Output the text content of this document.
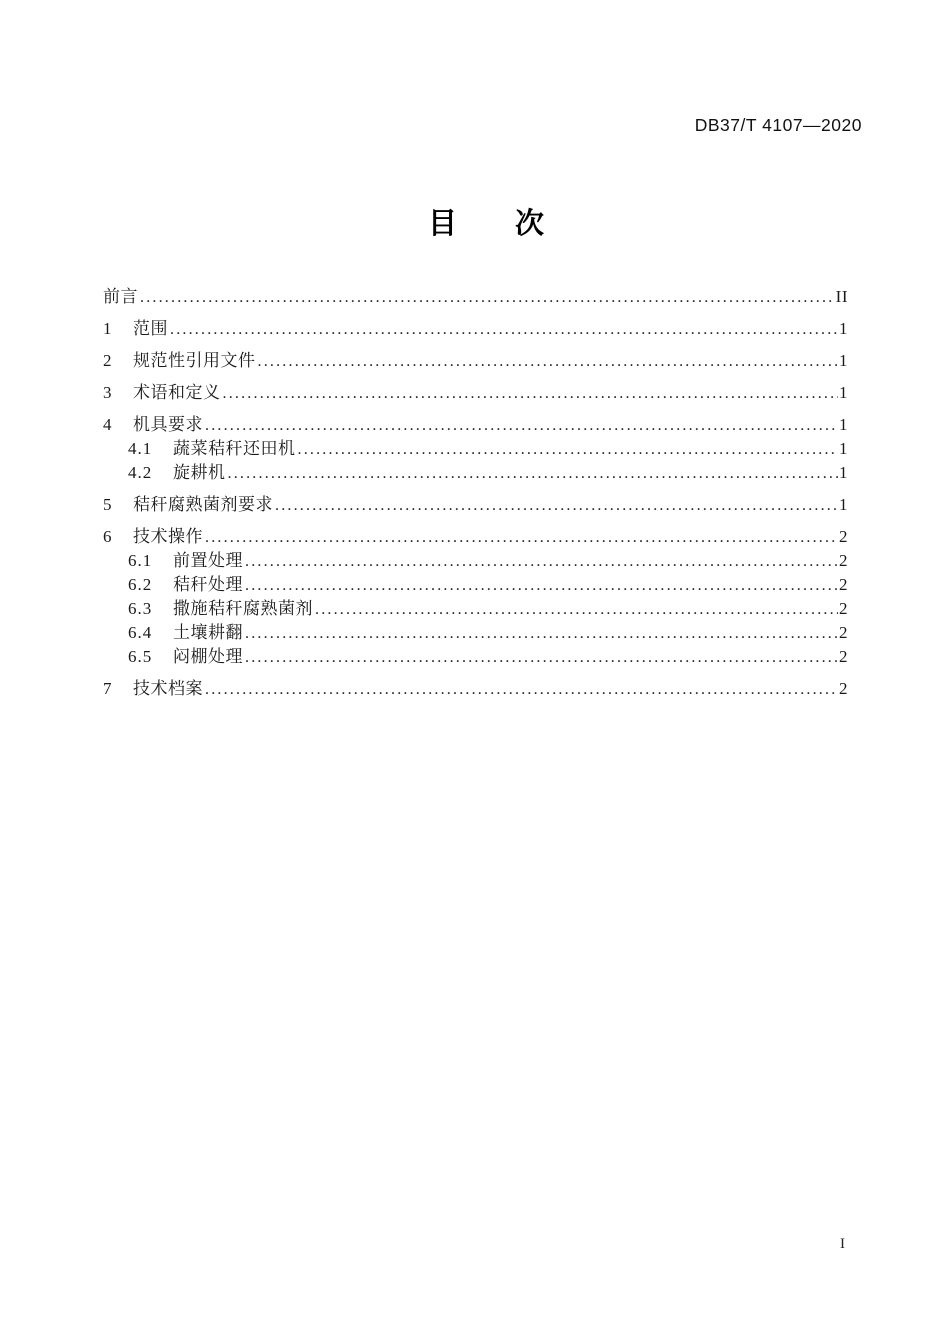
DB37/T 4107—2020
目　　次
前言 .....	II
1 范围 .....	1
2 规范性引用文件 .....	1
3 术语和定义 .....	1
4 机具要求 .....	1
4.1	蔬菜秸秆还田机 .....	1
4.2	旋耕机 .....	1
5 秸秆腐熟菌剂要求 .....	1
6 技术操作 .....	2
6.1	前置处理 .....	2
6.2	秸秆处理 .....	2
6.3	撒施秸秆腐熟菌剂 .....	2
6.4	土壤耕翻 .....	2
6.5	闷棚处理 .....	2
7 技术档案 .....	2
I
